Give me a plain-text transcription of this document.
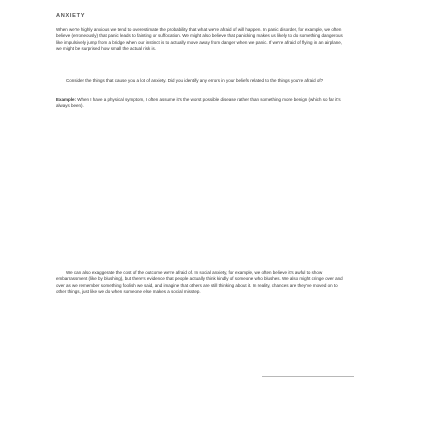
ANXIETY
When we're highly anxious we tend to overestimate the probability that what we're afraid of will happen. In panic disorder, for example, we often believe (erroneously) that panic leads to fainting or suffocation. We might also believe that panicking makes us likely to do something dangerous like impulsively jump from a bridge when our instinct is to actually move away from danger when we panic. If we're afraid of flying in an airplane, we might be surprised how small the actual risk is.
Consider the things that cause you a lot of anxiety. Did you identify any errors in your beliefs related to the things you're afraid of?
Example: When I have a physical symptom, I often assume it's the worst possible disease rather than something more benign (which so far it's always been).
We can also exaggerate the cost of the outcome we're afraid of. In social anxiety, for example, we often believe it's awful to show embarrassment (like by blushing), but there's evidence that people actually think kindly of someone who blushes. We also might cringe over and over as we remember something foolish we said, and imagine that others are still thinking about it. In reality, chances are they've moved on to other things, just like we do when someone else makes a social misstep.
